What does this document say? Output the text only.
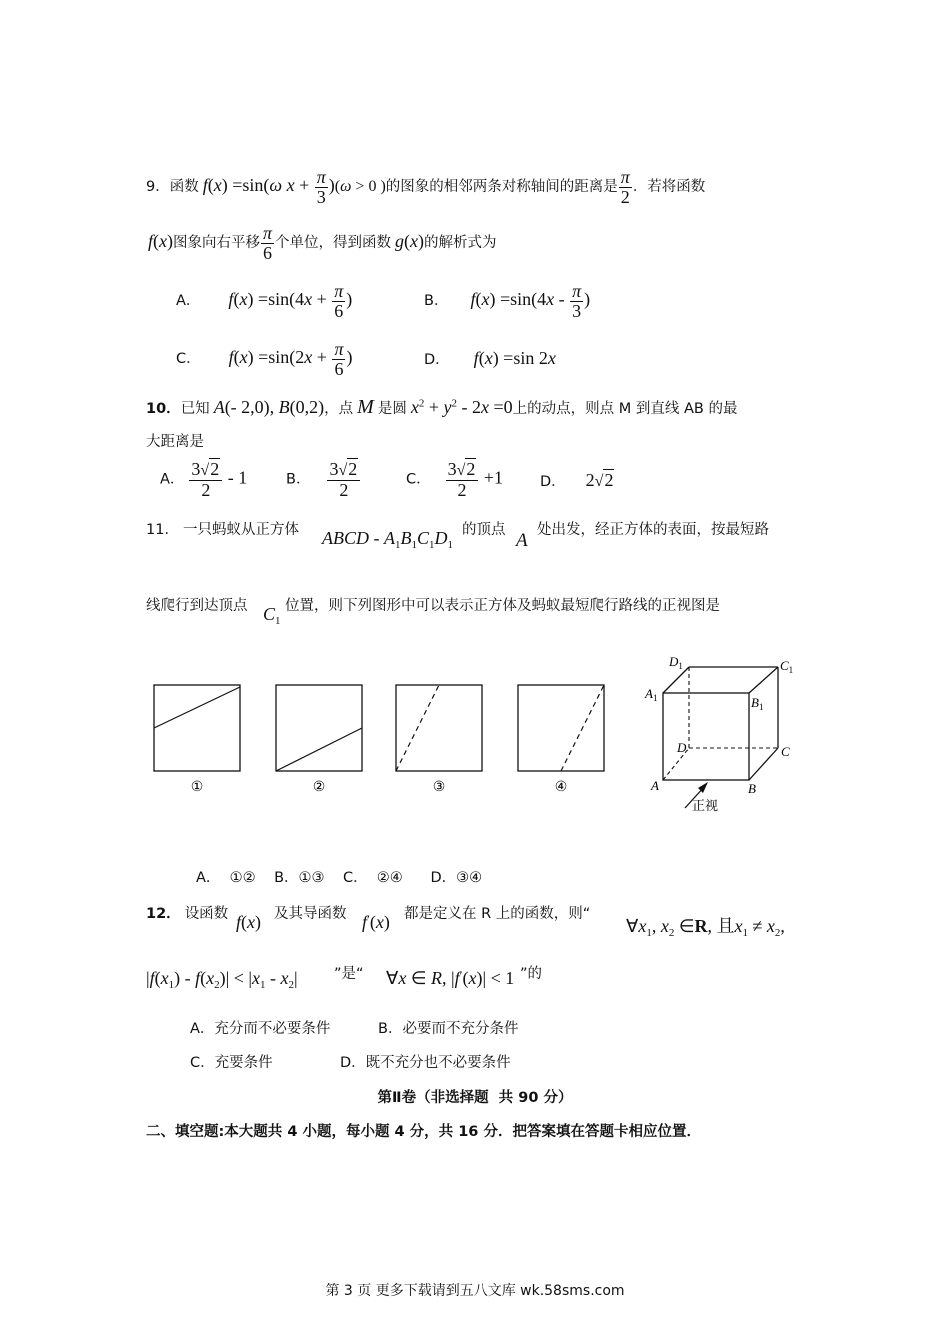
9．函数 f(x) =sin(ω $x + \frac{\pi}{3} )(\omega > 0$ )的图象的相邻两条对称轴间的距离是 $\frac{\pi}{2}$ ．若将函数
f(x)图象向右平移 $\frac{\pi}{6}$ 个单位，得到函数 g(x)的解析式为
A． $f(x) =\sin(4x + \frac{\pi}{6}$ )	B． $f(x) =\sin(4x - \frac{\pi}{3}$ )
C． $f(x) =\sin(2x + \frac{\pi}{6}$ )	D． f(x) =sin 2x
10．已知 A(- 2,0), B(0,2)，点 M 是圆 $x^2 + y^2 - 2x =0$上的动点，则点 M 到直线 AB 的最
大距离是
A． $\frac{3√2}{2} - 1$	B． $\frac{3√2}{2}$	C． $\frac{3√2}{2} +1$	D． 2√2
11． 一只蚂蚁从正方体 ABCD - $A_1B_1C_1D_1$
的顶点 A 处出发，经正方体的表面，按最短路
线爬行到达顶点 $C_1$
位置，则下列图形中可以表示正方体及蚂蚁最短爬行路线的正视图是
①	②	③	④
$D_1$	$C_1$
$A_1$	$B_1$
D	C
A	B
正视
A．  ①②    B．①③    C．  ②④      D．③④
12． 设函数 f(x) 及其导函数 f′(x) 都是定义在 R 上的函数，则“
$\forall x_1$, $x_2$ ∈R, 且$x_1 \ne x_2$,
$|f(x_1) - f(x_2)| < |x_1 - x_2|$	”是“ ∀x ∈ R, |f′(x)| < 1 ”的
A．充分而不必要条件	B．必要而不充分条件
C．充要条件	D．既不充分也不必要条件
第Ⅱ卷（非选择题  共 90 分）
二、填空题:本大题共 4 小题，每小题 4 分，共 16 分．把答案填在答题卡相应位置．
第 3 页 更多下载请到五八文库 wk.58sms.com
